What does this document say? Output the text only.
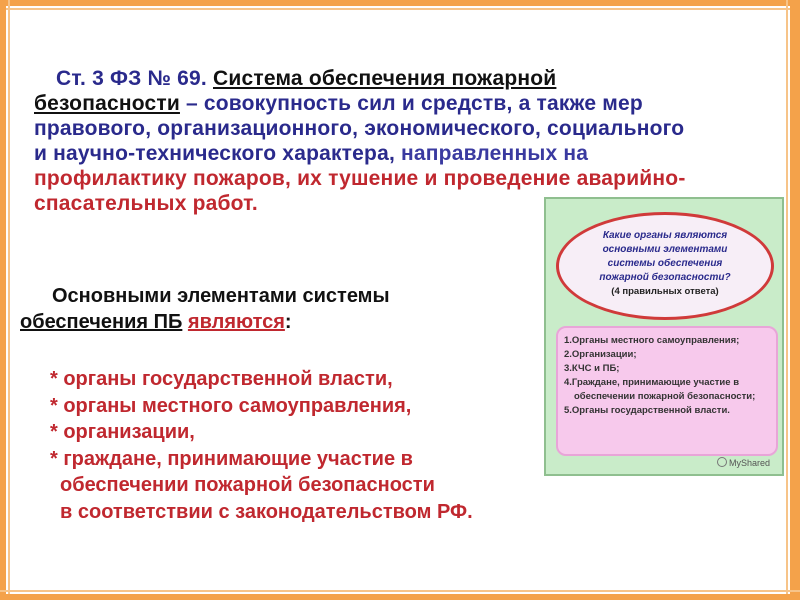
Ст. 3 ФЗ № 69. Система обеспечения пожарной
безопасности – совокупность сил и средств, а также мер
правового, организационного, экономического, социального
и научно-технического характера, направленных на
профилактику пожаров, их тушение и проведение аварийно-
спасательных работ.
Основными элементами системы
обеспечения ПБ являются:
* органы государственной власти,
* органы местного самоуправления,
* организации,
* граждане, принимающие участие в
обеспечении пожарной безопасности
в соответствии с законодательством РФ.
Какие органы являются
основными элементами
системы обеспечения
пожарной безопасности?
(4 правильных ответа)
1.Органы местного самоуправления;
2.Организации;
3.КЧС и ПБ;
4.Граждане, принимающие участие в
обеспечении пожарной безопасности;
5.Органы государственной власти.
MyShared
